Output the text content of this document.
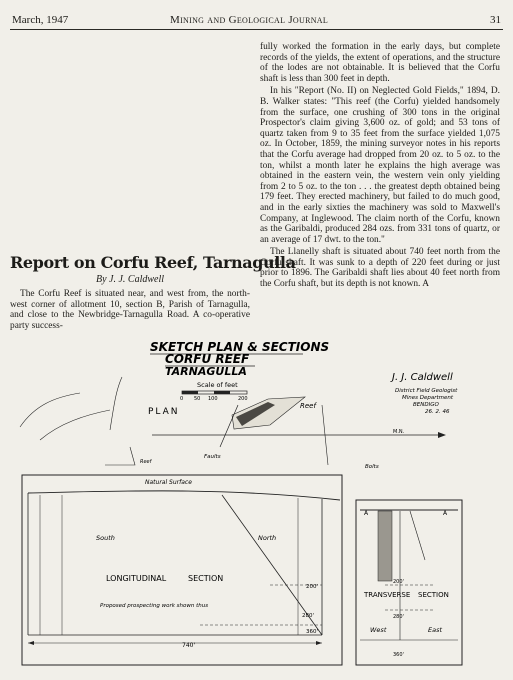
March, 1947	Mining and Geological Journal	31

fully worked the formation in the early days, but complete records of the yields, the extent of operations, and the structure of the lodes are not obtainable. It is believed that the Corfu shaft is less than 300 feet in depth.

In his "Report (No. II) on Neglected Gold Fields," 1894, D. B. Walker states: "This reef (the Corfu) yielded handsomely from the surface, one crushing of 300 tons in the original Prospector's claim giving 3,600 oz. of gold; and 53 tons of quartz taken from 9 to 35 feet from the surface yielded 1,075 oz. In October, 1859, the mining surveyor notes in his reports that the Corfu average had dropped from 20 oz. to 5 oz. to the ton, whilst a month later he explains the high average was obtained in the eastern vein, the western vein only yielding from 2 to 5 oz. to the ton . . . the greatest depth obtained being 179 feet. They erected machinery, but failed to do much good, and in the early sixties the machinery was sold to Maxwell's Company, at Inglewood. The claim north of the Corfu, known as the Garibaldi, produced 284 ozs. from 331 tons of quartz, or an average of 17 dwt. to the ton."

The Llanelly shaft is situated about 740 feet north from the Corfu shaft. It was sunk to a depth of 220 feet during or just prior to 1896. The Garibaldi shaft lies about 40 feet north from the Corfu shaft, but its depth is not known. A

Report on Corfu Reef, Tarnagulla
By J. J. Caldwell

The Corfu Reef is situated near, and west from, the north-west corner of allotment 10, section B, Parish of Tarnagulla, and close to the Newbridge-Tarnagulla Road. A co-operative party success-

SKETCH PLAN & SECTIONS
CORFU REEF
TARNAGULLA
Scale of feet
0 50 100	200
J. J. Caldwell
District Field Geologist
Mines Department
BENDIGO
26. 2. 46
PLAN
M.N.
Reef
Faults
Bolts
Reef
Natural Surface
South	North
LONGITUDINAL	SECTION
Proposed prospecting work shown thus
200'
280'
360'
740'
A	A
TRANSVERSE SECTION
200'
280'
360'
West	East
